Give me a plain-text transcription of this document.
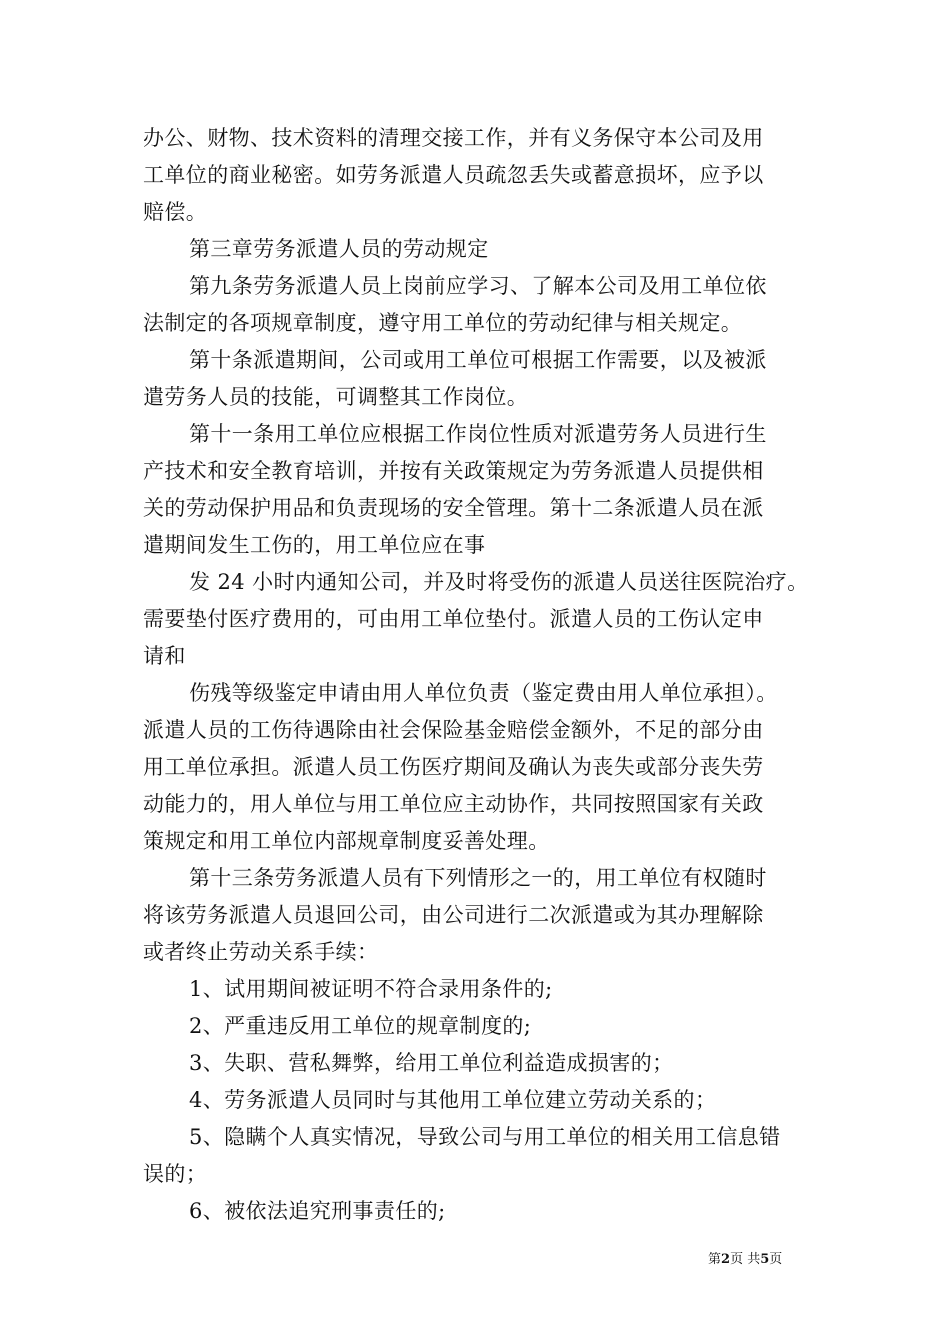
办公、财物、技术资料的清理交接工作，并有义务保守本公司及用
工单位的商业秘密。如劳务派遣人员疏忽丢失或蓄意损坏，应予以
赔偿。
第三章劳务派遣人员的劳动规定
第九条劳务派遣人员上岗前应学习、了解本公司及用工单位依
法制定的各项规章制度，遵守用工单位的劳动纪律与相关规定。
第十条派遣期间，公司或用工单位可根据工作需要，以及被派
遣劳务人员的技能，可调整其工作岗位。
第十一条用工单位应根据工作岗位性质对派遣劳务人员进行生
产技术和安全教育培训，并按有关政策规定为劳务派遣人员提供相
关的劳动保护用品和负责现场的安全管理。第十二条派遣人员在派
遣期间发生工伤的，用工单位应在事
发 24 小时内通知公司，并及时将受伤的派遣人员送往医院治疗。
需要垫付医疗费用的，可由用工单位垫付。派遣人员的工伤认定申
请和
伤残等级鉴定申请由用人单位负责（鉴定费由用人单位承担）。
派遣人员的工伤待遇除由社会保险基金赔偿金额外，不足的部分由
用工单位承担。派遣人员工伤医疗期间及确认为丧失或部分丧失劳
动能力的，用人单位与用工单位应主动协作，共同按照国家有关政
策规定和用工单位内部规章制度妥善处理。
第十三条劳务派遣人员有下列情形之一的，用工单位有权随时
将该劳务派遣人员退回公司，由公司进行二次派遣或为其办理解除
或者终止劳动关系手续：
1、试用期间被证明不符合录用条件的;
2、严重违反用工单位的规章制度的;
3、失职、营私舞弊，给用工单位利益造成损害的；
4、劳务派遣人员同时与其他用工单位建立劳动关系的；
5、隐瞒个人真实情况，导致公司与用工单位的相关用工信息错
误的；
6、被依法追究刑事责任的;
第2页 共5页
